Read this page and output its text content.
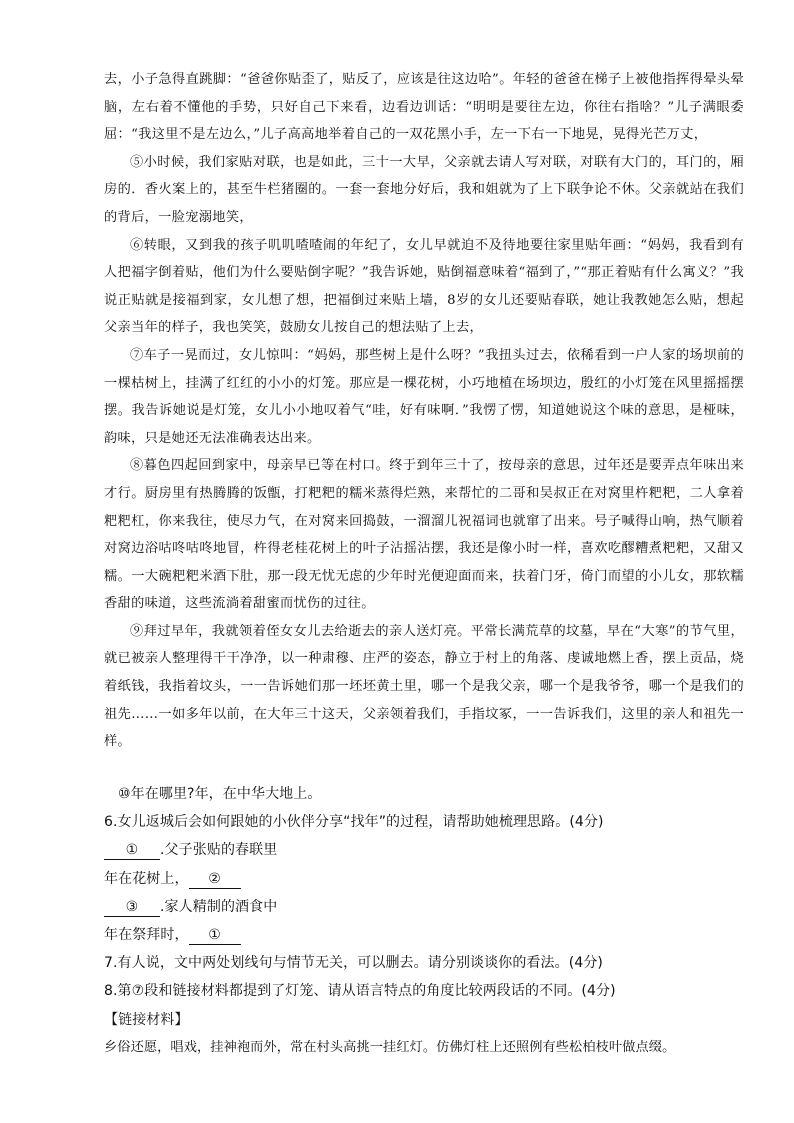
去，小子急得直跳脚：“爸爸你贴歪了，贴反了，应该是往这边哈”。年轻的爸爸在梯子上被他指挥得晕头晕脑，左右着不懂他的手势，只好自己下来看，边看边训话：“明明是要往左边，你往右指啥？”儿子满眼委屈：“我这里不是左边么，”儿子高高地举着自己的一双花黑小手，左一下右一下地晃，晃得光芒万丈，

⑤小时候，我们家贴对联，也是如此，三十一大早，父亲就去请人写对联，对联有大门的，耳门的，厢房的．香火案上的，甚至牛栏猪圈的。一套一套地分好后，我和姐就为了上下联争论不休。父亲就站在我们的背后，一脸宠溺地笑，

⑥转眼，又到我的孩子叽叽喳喳闹的年纪了，女儿早就迫不及待地要往家里贴年画：“妈妈，我看到有人把福字倒着贴，他们为什么要贴倒字呢？”我告诉她，贴倒福意味着“福到了，”“那正着贴有什么寓义？”我说正贴就是接福到家，女儿想了想，把福倒过来贴上墙，8岁的女儿还要贴春联，她让我教她怎么贴，想起父亲当年的样子，我也笑笑，鼓励女儿按自己的想法贴了上去，

⑦车子一晃而过，女儿惊叫：“妈妈，那些树上是什么呀？”我扭头过去，依稀看到一户人家的场坝前的一棵枯树上，挂满了红红的小小的灯笼。那应是一棵花树，小巧地植在场坝边，殷红的小灯笼在风里摇摇摆摆。我告诉她说是灯笼，女儿小小地叹着气“哇，好有味啊．”我愣了愣，知道她说这个味的意思，是桠味，韵味，只是她还无法准确表达出来。

⑧暮色四起回到家中，母亲早已等在村口。终于到年三十了，按母亲的意思，过年还是要弄点年味出来才行。厨房里有热腾腾的饭甑，打粑粑的糯米蒸得烂熟，来帮忙的二哥和吴叔正在对窝里杵粑粑，二人拿着粑粑杠，你来我往，使尽力气，在对窝来回捣鼓，一溜溜儿祝福词也就窜了出来。号子喊得山响，热气顺着对窝边浴咕咚咕咚地冒，杵得老桂花树上的叶子沾摇沾摆，我还是像小时一样，喜欢吃醪糟煮粑粑，又甜又糯。一大碗粑粑米酒下肚，那一段无忧无虑的少年时光便迎面而来，扶着门牙，倚门而望的小儿女，那软糯香甜的味道，这些流淌着甜蜜而忧伤的过往。

⑨拜过早年，我就领着侄女女儿去给逝去的亲人送灯亮。平常长满荒草的坟墓，早在“大寒”的节气里，就已被亲人整理得干干净净，以一种肃穆、庄严的姿态，静立于村上的角落、虔诚地燃上香，摆上贡品，烧着纸钱，我指着坟头，一一告诉她们那一坯坯黄土里，哪一个是我父亲，哪一个是我爷爷，哪一个是我们的祖先……一如多年以前，在大年三十这天，父亲领着我们，手指坟冢，一一告诉我们，这里的亲人和祖先一样。

⑩年在哪里?年，在中华大地上。

6.女儿返城后会如何跟她的小伙伴分享“找年”的过程，请帮助她梳理思路。(4分)

① .父子张贴的春联里

年在花树上， ②

③ .家人精制的酒食中

年在祭拜时， ①

7.有人说，文中两处划线句与情节无关，可以删去。请分别谈谈你的看法。(4分)

8.第⑦段和链接材料都提到了灯笼、请从语言特点的角度比较两段话的不同。(4分)

【链接材料】

乡俗还愿，唱戏，挂神袍而外，常在村头高挑一挂红灯。仿佛灯柱上还照例有些松柏枝叶做点缀。
